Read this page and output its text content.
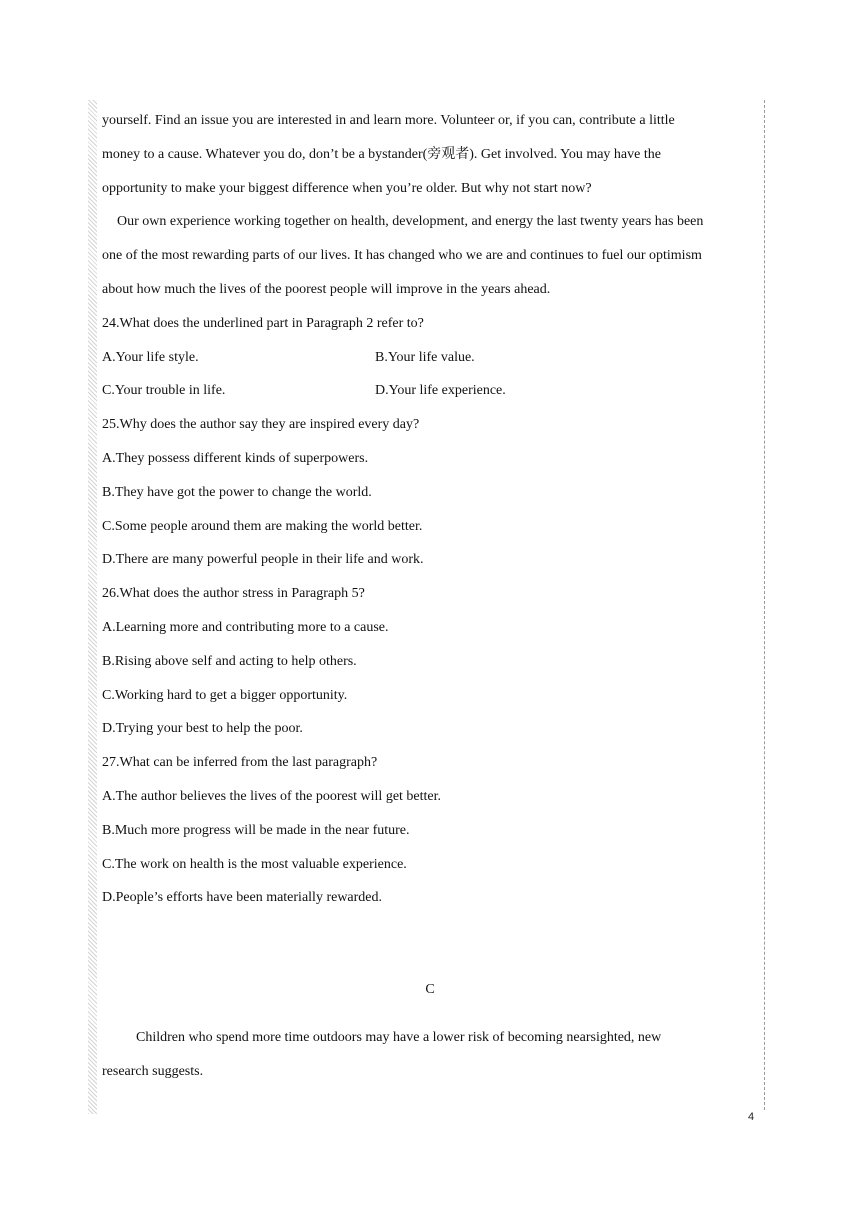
yourself. Find an issue you are interested in and learn more. Volunteer or, if you can, contribute a little

money to a cause. Whatever you do, don’t be a bystander(旁观者). Get involved. You may have the

opportunity to make your biggest difference when you’re older. But why not start now?

Our own experience working together on health, development, and energy the last twenty years has been

one of the most rewarding parts of our lives. It has changed who we are and continues to fuel our optimism

about how much the lives of the poorest people will improve in the years ahead.

24.What does the underlined part in Paragraph 2 refer to?

A.Your life style.	B.Your life value.
C.Your trouble in life.	D.Your life experience.

25.Why does the author say they are inspired every day?

A.They possess different kinds of superpowers.

B.They have got the power to change the world.

C.Some people around them are making the world better.

D.There are many powerful people in their life and work.

26.What does the author stress in Paragraph 5?

A.Learning more and contributing more to a cause.

B.Rising above self and acting to help others.

C.Working hard to get a bigger opportunity.

D.Trying your best to help the poor.

27.What can be inferred from the last paragraph?

A.The author believes the lives of the poorest will get better.

B.Much more progress will be made in the near future.

C.The work on health is the most valuable experience.

D.People’s efforts have been materially rewarded.

C

Children who spend more time outdoors may have a lower risk of becoming nearsighted, new

research suggests.

4
